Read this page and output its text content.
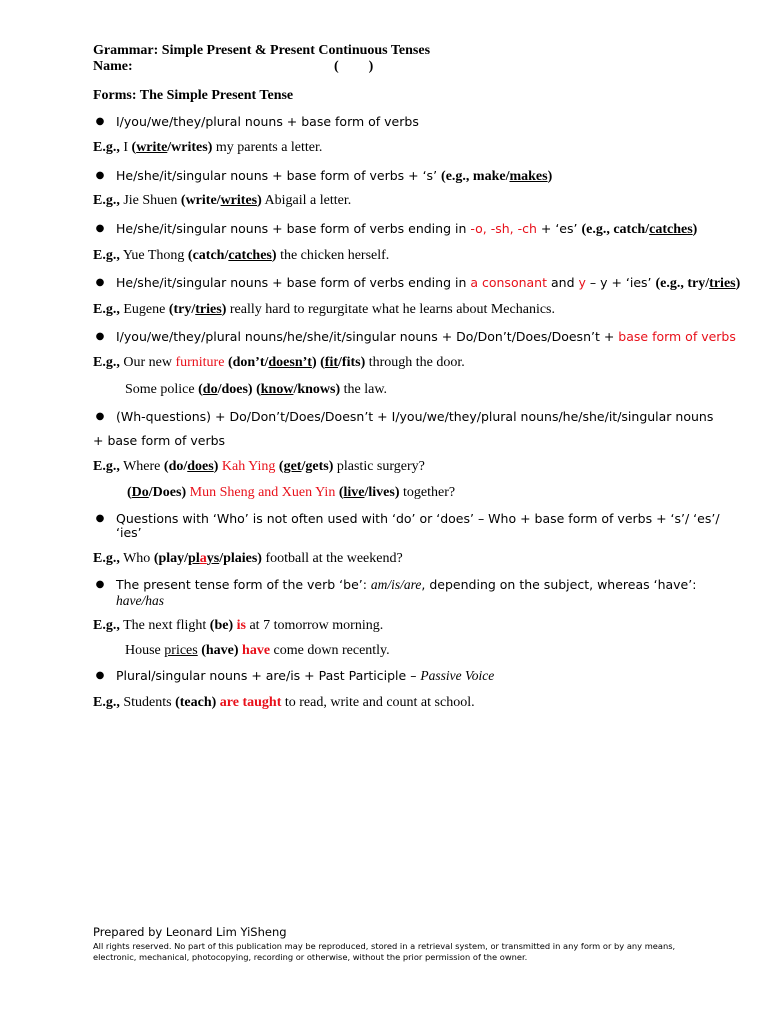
Grammar: Simple Present & Present Continuous Tenses
Name:	( )
Forms: The Simple Present Tense
● I/you/we/they/plural nouns + base form of verbs
E.g., I (write/writes) my parents a letter.
● He/she/it/singular nouns + base form of verbs + ‘s’ (e.g., make/makes)
E.g., Jie Shuen (write/writes) Abigail a letter.
● He/she/it/singular nouns + base form of verbs ending in -o, -sh, -ch + ‘es’ (e.g., catch/catches)
E.g., Yue Thong (catch/catches) the chicken herself.
● He/she/it/singular nouns + base form of verbs ending in a consonant and y – y + ‘ies’ (e.g., try/tries)
E.g., Eugene (try/tries) really hard to regurgitate what he learns about Mechanics.
● I/you/we/they/plural nouns/he/she/it/singular nouns + Do/Don’t/Does/Doesn’t + base form of verbs
E.g., Our new furniture (don’t/doesn’t) (fit/fits) through the door.
Some police (do/does) (know/knows) the law.
● (Wh-questions) + Do/Don’t/Does/Doesn’t + I/you/we/they/plural nouns/he/she/it/singular nouns
+ base form of verbs
E.g., Where (do/does) Kah Ying (get/gets) plastic surgery?
(Do/Does) Mun Sheng and Xuen Yin (live/lives) together?
● Questions with ‘Who’ is not often used with ‘do’ or ‘does’ – Who + base form of verbs + ‘s’/ ‘es’/
‘ies’
E.g., Who (play/plays/plaies) football at the weekend?
● The present tense form of the verb ‘be’: am/is/are, depending on the subject, whereas ‘have’:
have/has
E.g., The next flight (be) is at 7 tomorrow morning.
House prices (have) have come down recently.
● Plural/singular nouns + are/is + Past Participle – Passive Voice
E.g., Students (teach) are taught to read, write and count at school.
Prepared by Leonard Lim YiSheng
All rights reserved. No part of this publication may be reproduced, stored in a retrieval system, or transmitted in any form or by any means, electronic, mechanical, photocopying, recording or otherwise, without the prior permission of the owner.
